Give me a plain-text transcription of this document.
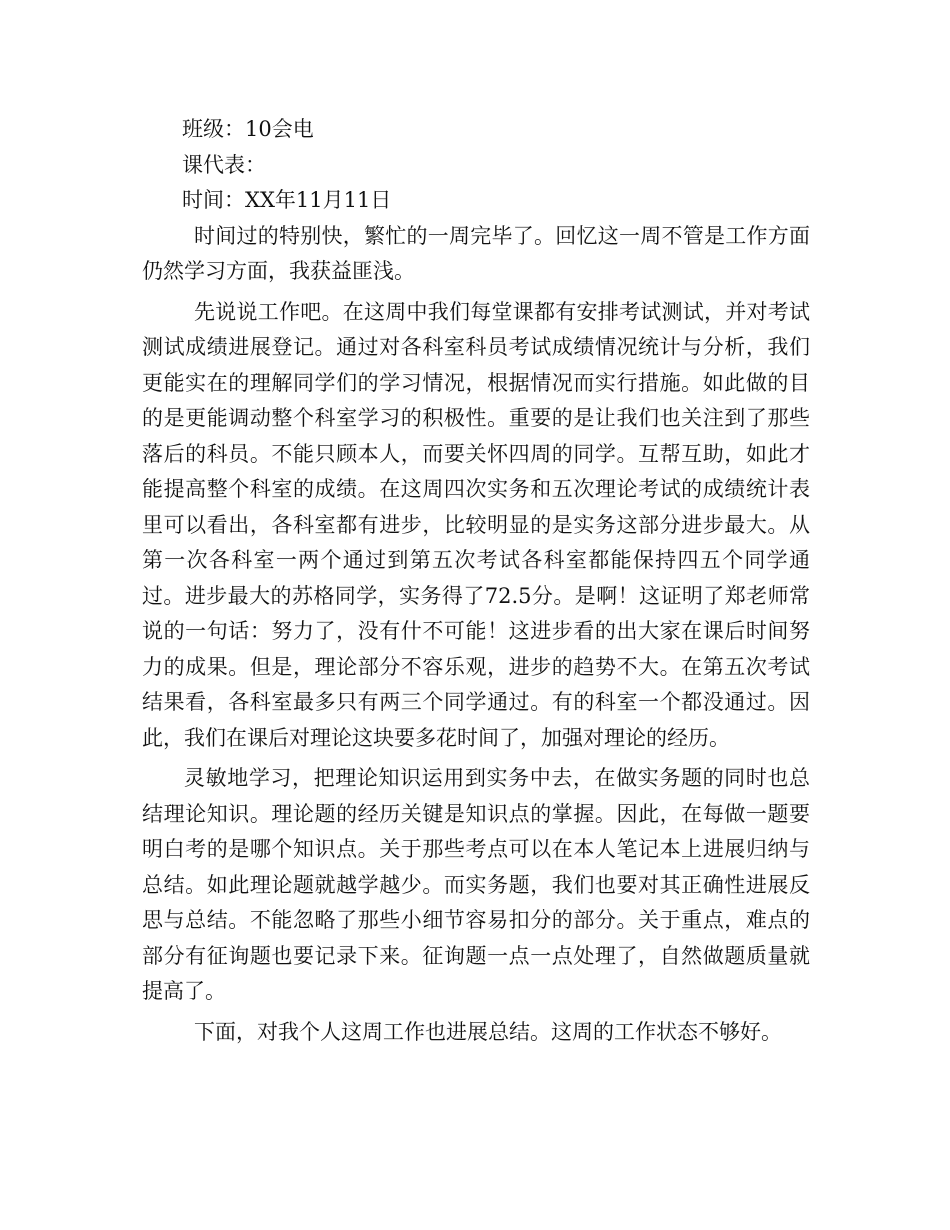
班级：10会电

课代表：

时间：XX年11月11日

时间过的特别快，繁忙的一周完毕了。回忆这一周不管是工作方面仍然学习方面，我获益匪浅。

先说说工作吧。在这周中我们每堂课都有安排考试测试，并对考试测试成绩进展登记。通过对各科室科员考试成绩情况统计与分析，我们更能实在的理解同学们的学习情况，根据情况而实行措施。如此做的目的是更能调动整个科室学习的积极性。重要的是让我们也关注到了那些落后的科员。不能只顾本人，而要关怀四周的同学。互帮互助，如此才能提高整个科室的成绩。在这周四次实务和五次理论考试的成绩统计表里可以看出，各科室都有进步，比较明显的是实务这部分进步最大。从第一次各科室一两个通过到第五次考试各科室都能保持四五个同学通过。进步最大的苏格同学，实务得了72.5分。是啊！这证明了郑老师常说的一句话：努力了，没有什不可能！这进步看的出大家在课后时间努力的成果。但是，理论部分不容乐观，进步的趋势不大。在第五次考试结果看，各科室最多只有两三个同学通过。有的科室一个都没通过。因此，我们在课后对理论这块要多花时间了，加强对理论的经历。

灵敏地学习，把理论知识运用到实务中去，在做实务题的同时也总结理论知识。理论题的经历关键是知识点的掌握。因此，在每做一题要明白考的是哪个知识点。关于那些考点可以在本人笔记本上进展归纳与总结。如此理论题就越学越少。而实务题，我们也要对其正确性进展反思与总结。不能忽略了那些小细节容易扣分的部分。关于重点，难点的部分有征询题也要记录下来。征询题一点一点处理了，自然做题质量就提高了。

下面，对我个人这周工作也进展总结。这周的工作状态不够好。
